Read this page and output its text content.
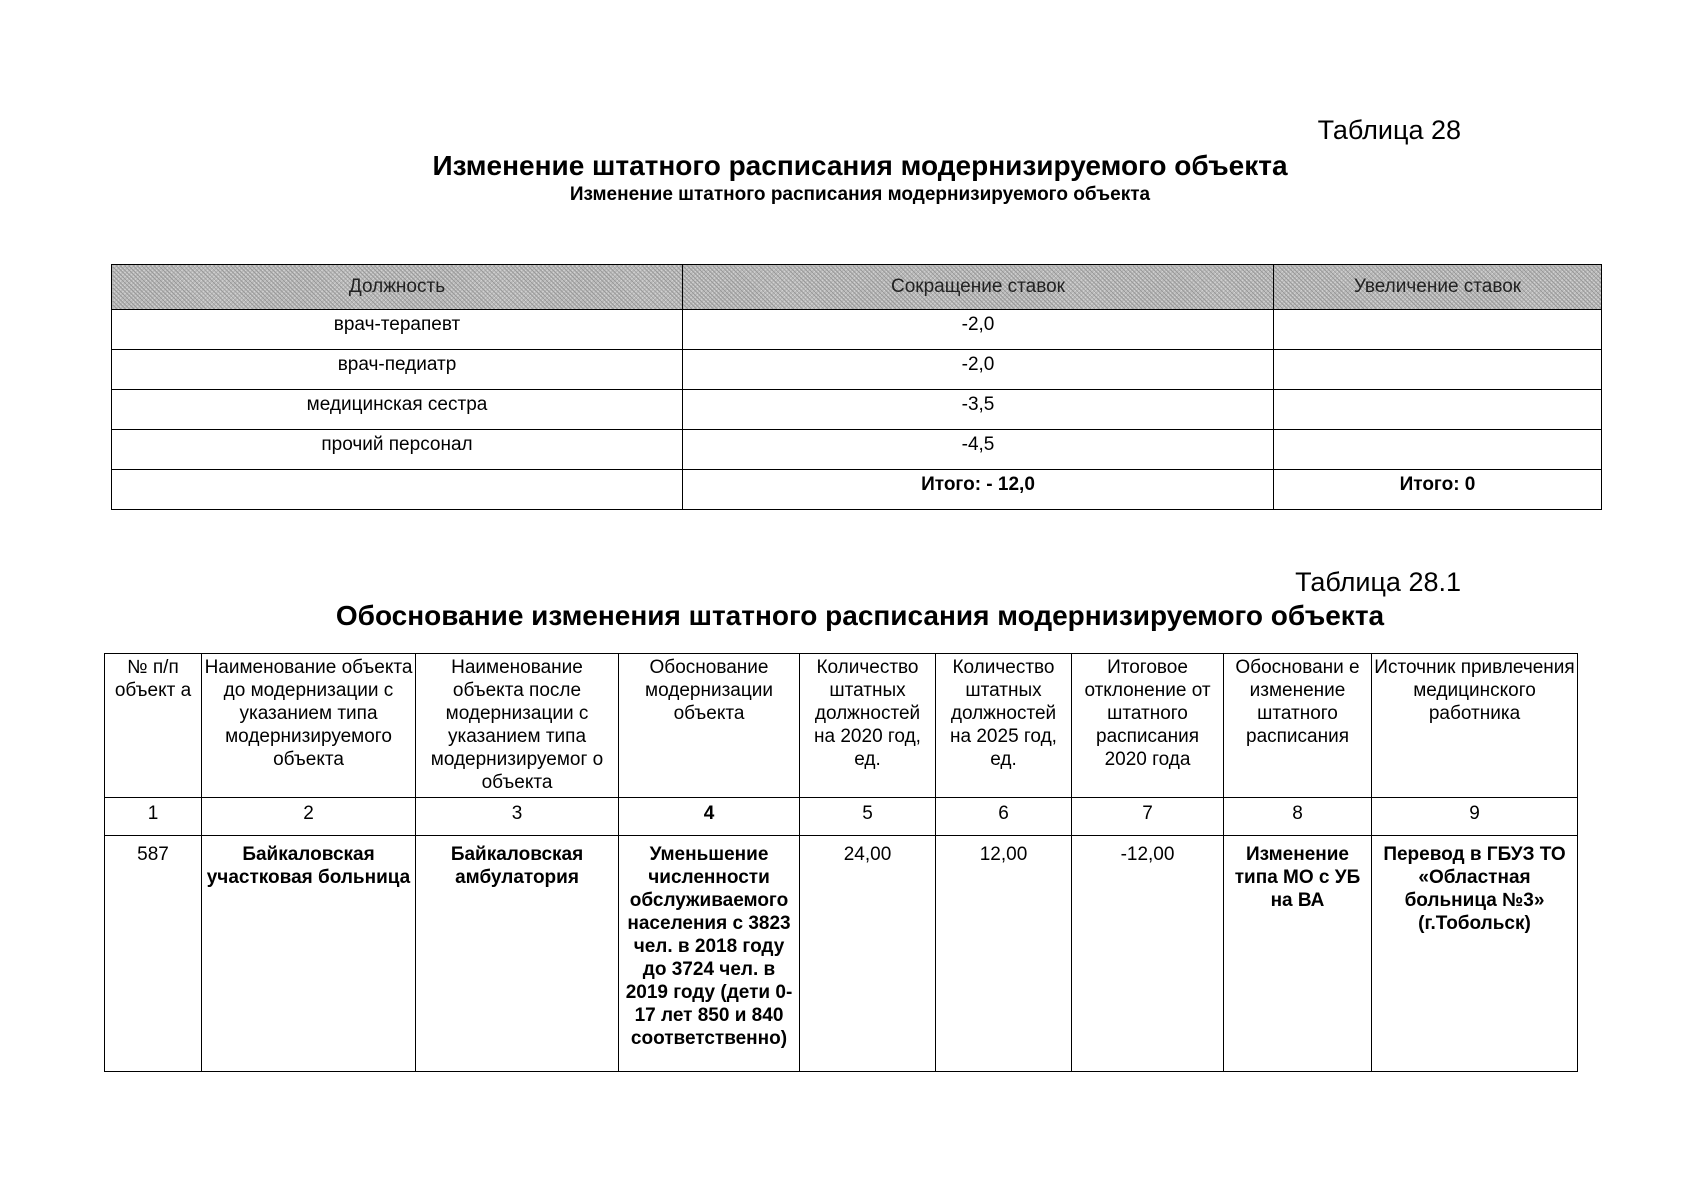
Таблица 28
Изменение штатного расписания модернизируемого объекта
Изменение штатного расписания модернизируемого объекта
Должность	Сокращение ставок	Увеличение ставок
врач-терапевт	-2,0	
врач-педиатр	-2,0	
медицинская сестра	-3,5	
прочий персонал	-4,5	
	Итого: - 12,0	Итого: 0
Таблица 28.1
Обоснование изменения штатного расписания модернизируемого объекта
№ п/п объект а	Наименование объекта до модернизации с указанием типа модернизируемого объекта	Наименование объекта после модернизации с указанием типа модернизируемог о объекта	Обоснование модернизации объекта	Количество штатных должностей на 2020 год, ед.	Количество штатных должностей на 2025 год, ед.	Итоговое отклонение от штатного расписания 2020 года	Обосновани е изменение штатного расписания	Источник привлечения медицинского работника
1	2	3	4	5	6	7	8	9
587	Байкаловская участковая больница	Байкаловская амбулатория	Уменьшение численности обслуживаемого населения с 3823 чел. в 2018 году до 3724 чел. в 2019 году (дети 0-17 лет 850 и 840 соответственно)	24,00	12,00	-12,00	Изменение типа МО с УБ на ВА	Перевод в ГБУЗ ТО «Областная больница №3» (г.Тобольск)
